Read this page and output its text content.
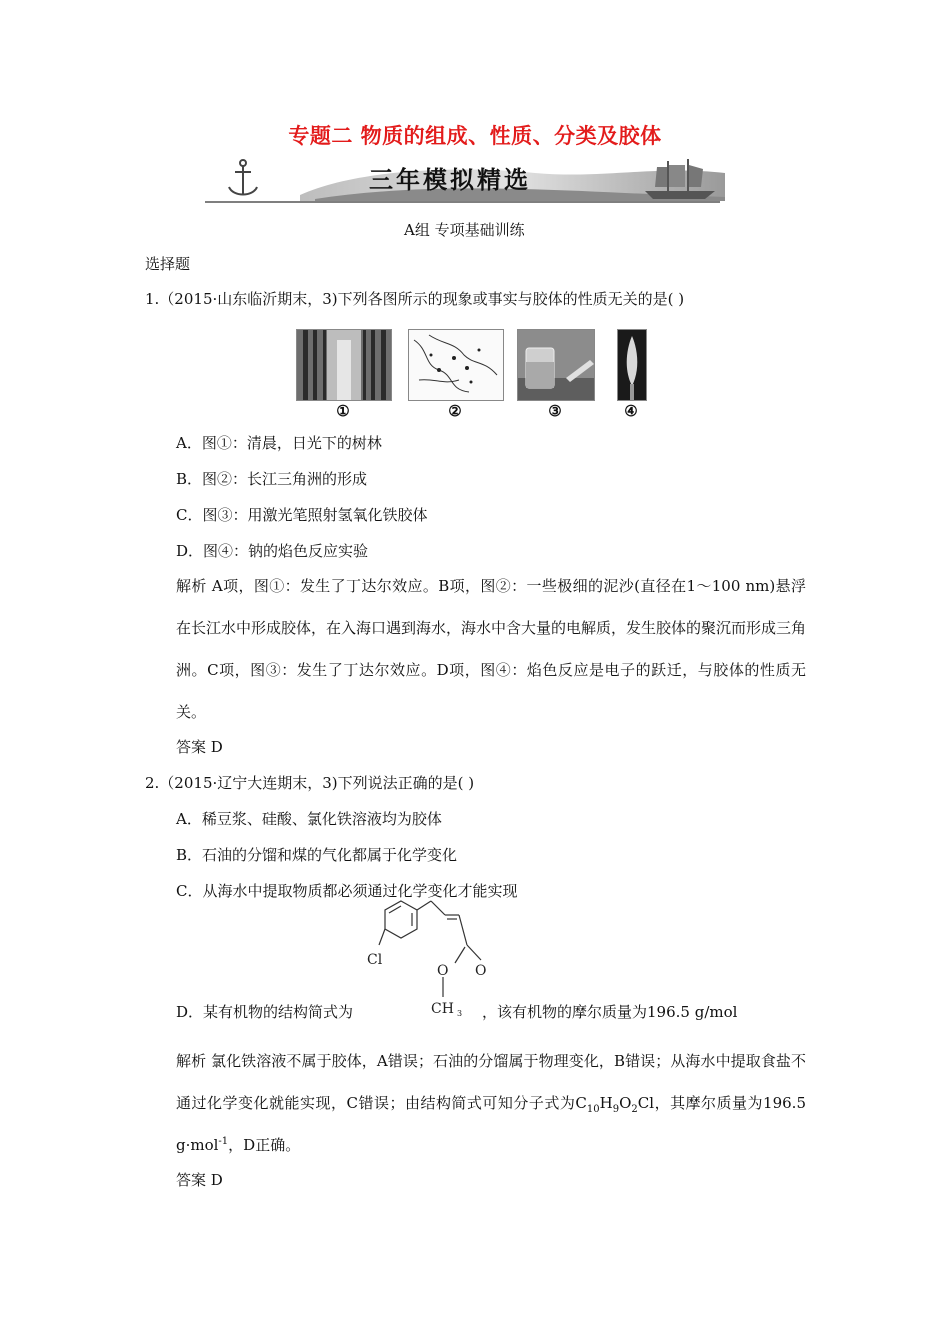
专题二 物质的组成、性质、分类及胶体
三年模拟精选
A组 专项基础训练
选择题
1.（2015·山东临沂期末，3)下列各图所示的现象或事实与胶体的性质无关的是( )
①	②	③	④
A．图①：清晨，日光下的树林
B．图②：长江三角洲的形成
C．图③：用激光笔照射氢氧化铁胶体
D．图④：钠的焰色反应实验
解析 A项，图①：发生了丁达尔效应。B项，图②：一些极细的泥沙(直径在1～100 nm)悬浮在长江水中形成胶体，在入海口遇到海水，海水中含大量的电解质，发生胶体的聚沉而形成三角洲。C项，图③：发生了丁达尔效应。D项，图④：焰色反应是电子的跃迁，与胶体的性质无关。
答案 D
2.（2015·辽宁大连期末，3)下列说法正确的是( )
A．稀豆浆、硅酸、氯化铁溶液均为胶体
B．石油的分馏和煤的气化都属于化学变化
C．从海水中提取物质都必须通过化学变化才能实现
Cl
O O
CH 3
D．某有机物的结构简式为	，该有机物的摩尔质量为196.5 g/mol
解析 氯化铁溶液不属于胶体，A错误；石油的分馏属于物理变化，B错误；从海水中提取食盐不通过化学变化就能实现，C错误；由结构简式可知分子式为$C_{10}H_9O_2Cl$，其摩尔质量为196.5 g·mol$^{-1}$，D正确。
答案 D
